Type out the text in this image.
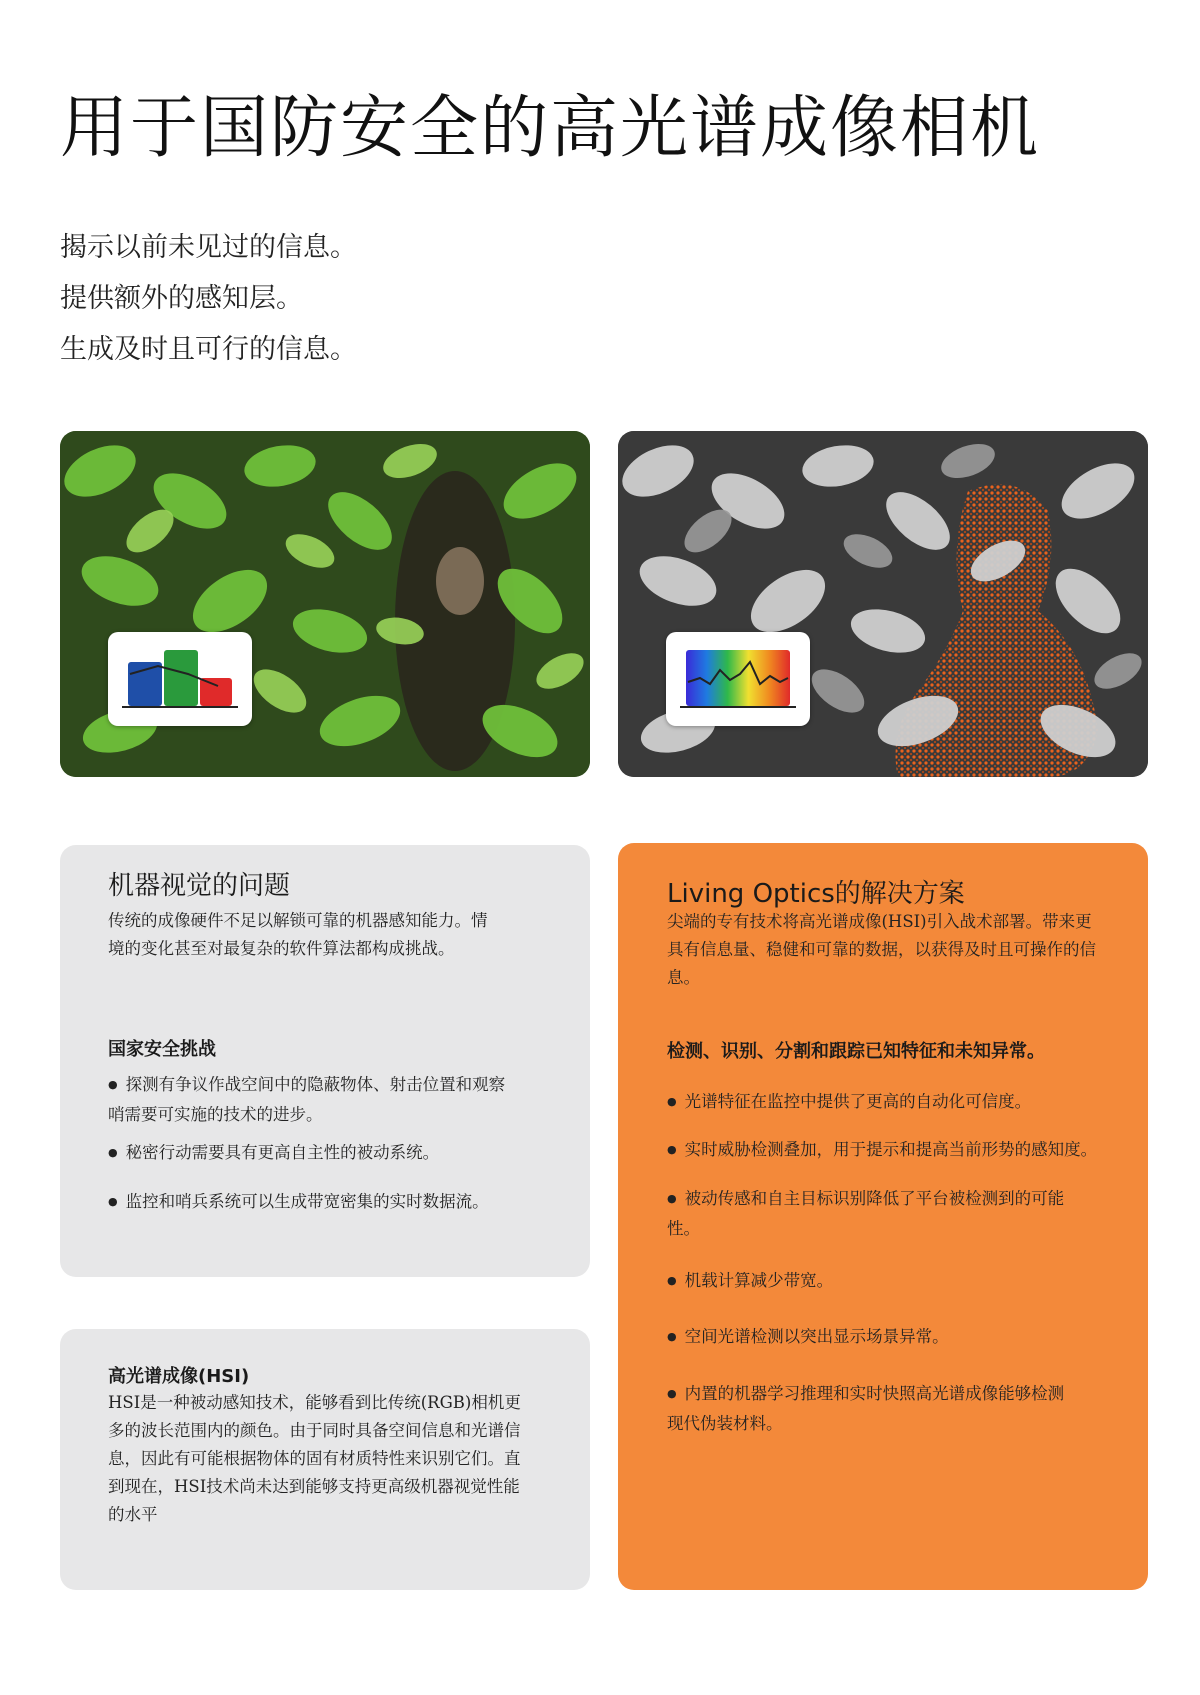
用于国防安全的高光谱成像相机
揭示以前未见过的信息。
提供额外的感知层。
生成及时且可行的信息。
机器视觉的问题
传统的成像硬件不足以解锁可靠的机器感知能力。情境的变化甚至对最复杂的软件算法都构成挑战。
国家安全挑战
● 探测有争议作战空间中的隐蔽物体、射击位置和观察哨需要可实施的技术的进步。
● 秘密行动需要具有更高自主性的被动系统。
● 监控和哨兵系统可以生成带宽密集的实时数据流。
高光谱成像(HSI)
HSI是一种被动感知技术，能够看到比传统(RGB)相机更多的波长范围内的颜色。由于同时具备空间信息和光谱信息，因此有可能根据物体的固有材质特性来识别它们。直到现在，HSI技术尚未达到能够支持更高级机器视觉性能的水平
Living Optics的解决方案
尖端的专有技术将高光谱成像(HSI)引入战术部署。带来更具有信息量、稳健和可靠的数据，以获得及时且可操作的信息。
检测、识别、分割和跟踪已知特征和未知异常。
● 光谱特征在监控中提供了更高的自动化可信度。
● 实时威胁检测叠加，用于提示和提高当前形势的感知度。
● 被动传感和自主目标识别降低了平台被检测到的可能性。
● 机载计算减少带宽。
● 空间光谱检测以突出显示场景异常。
● 内置的机器学习推理和实时快照高光谱成像能够检测现代伪装材料。
